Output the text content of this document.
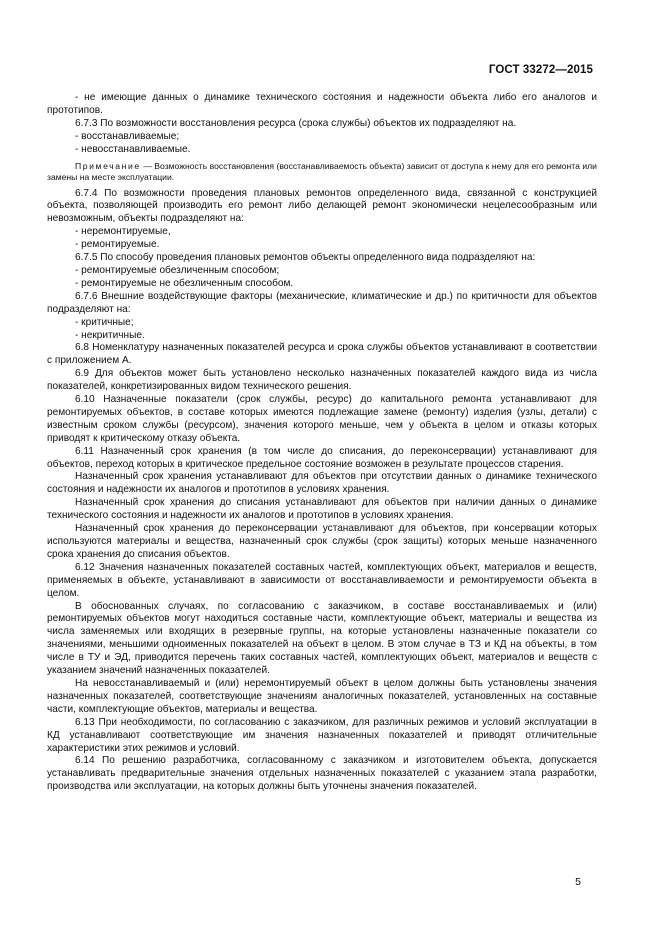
ГОСТ 33272—2015

- не имеющие данных о динамике технического состояния и надежности объекта либо его аналогов и прототипов.

6.7.3 По возможности восстановления ресурса (срока службы) объектов их подразделяют на.

- восстанавливаемые;

- невосстанавливаемые.

Примечание — Возможность восстановления (восстанавливаемость объекта) зависит от доступа к нему для его ремонта или замены на месте эксплуатации.

6.7.4 По возможности проведения плановых ремонтов определенного вида, связанной с конструкцией объекта, позволяющей производить его ремонт либо делающей ремонт экономически нецелесообразным или невозможным, объекты подразделяют на:

- неремонтируемые,

- ремонтируемые.

6.7.5 По способу проведения плановых ремонтов объекты определенного вида подразделяют на:

- ремонтируемые обезличенным способом;

- ремонтируемые не обезличенным способом.

6.7.6 Внешние воздействующие факторы (механические, климатические и др.) по критичности для объектов подразделяют на:

- критичные;

- некритичные.

6.8 Номенклатуру назначенных показателей ресурса и срока службы объектов устанавливают в соответствии с приложением А.

6.9 Для объектов может быть установлено несколько назначенных показателей каждого вида из числа показателей, конкретизированных видом технического решения.

6.10 Назначенные показатели (срок службы, ресурс) до капитального ремонта устанавливают для ремонтируемых объектов, в составе которых имеются подлежащие замене (ремонту) изделия (узлы, детали) с известным сроком службы (ресурсом), значения которого меньше, чем у объекта в целом и отказы которых приводят к критическому отказу объекта.

6.11 Назначенный срок хранения (в том числе до списания, до переконсервации) устанавливают для объектов, переход которых в критическое предельное состояние возможен в результате процессов старения.

Назначенный срок хранения устанавливают для объектов при отсутствии данных о динамике технического состояния и надежности их аналогов и прототипов в условиях хранения.

Назначенный срок хранения до списания устанавливают для объектов при наличии данных о динамике технического состояния и надежности их аналогов и прототипов в условиях хранения.

Назначенный срок хранения до переконсервации устанавливают для объектов, при консервации которых используются материалы и вещества, назначенный срок службы (срок защиты) которых меньше назначенного срока хранения до списания объектов.

6.12 Значения назначенных показателей составных частей, комплектующих объект, материалов и веществ, применяемых в объекте, устанавливают в зависимости от восстанавливаемости и ремонтируемости объекта в целом.

В обоснованных случаях, по согласованию с заказчиком, в составе восстанавливаемых и (или) ремонтируемых объектов могут находиться составные части, комплектующие объект, материалы и вещества из числа заменяемых или входящих в резервные группы, на которые установлены назначенные показатели со значениями, меньшими одноименных показателей на объект в целом. В этом случае в ТЗ и КД на объекты, в том числе в ТУ и ЭД, приводится перечень таких составных частей, комплектующих объект, материалов и веществ с указанием значений назначенных показателей.

На невосстанавливаемый и (или) неремонтируемый объект в целом должны быть установлены значения назначенных показателей, соответствующие значениям аналогичных показателей, установленных на составные части, комплектующие объектов, материалы и вещества.

6.13 При необходимости, по согласованию с заказчиком, для различных режимов и условий эксплуатации в КД устанавливают соответствующие им значения назначенных показателей и приводят отличительные характеристики этих режимов и условий.

6.14 По решению разработчика, согласованному с заказчиком и изготовителем объекта, допускается устанавливать предварительные значения отдельных назначенных показателей с указанием этапа разработки, производства или эксплуатации, на которых должны быть уточнены значения показателей.

5
